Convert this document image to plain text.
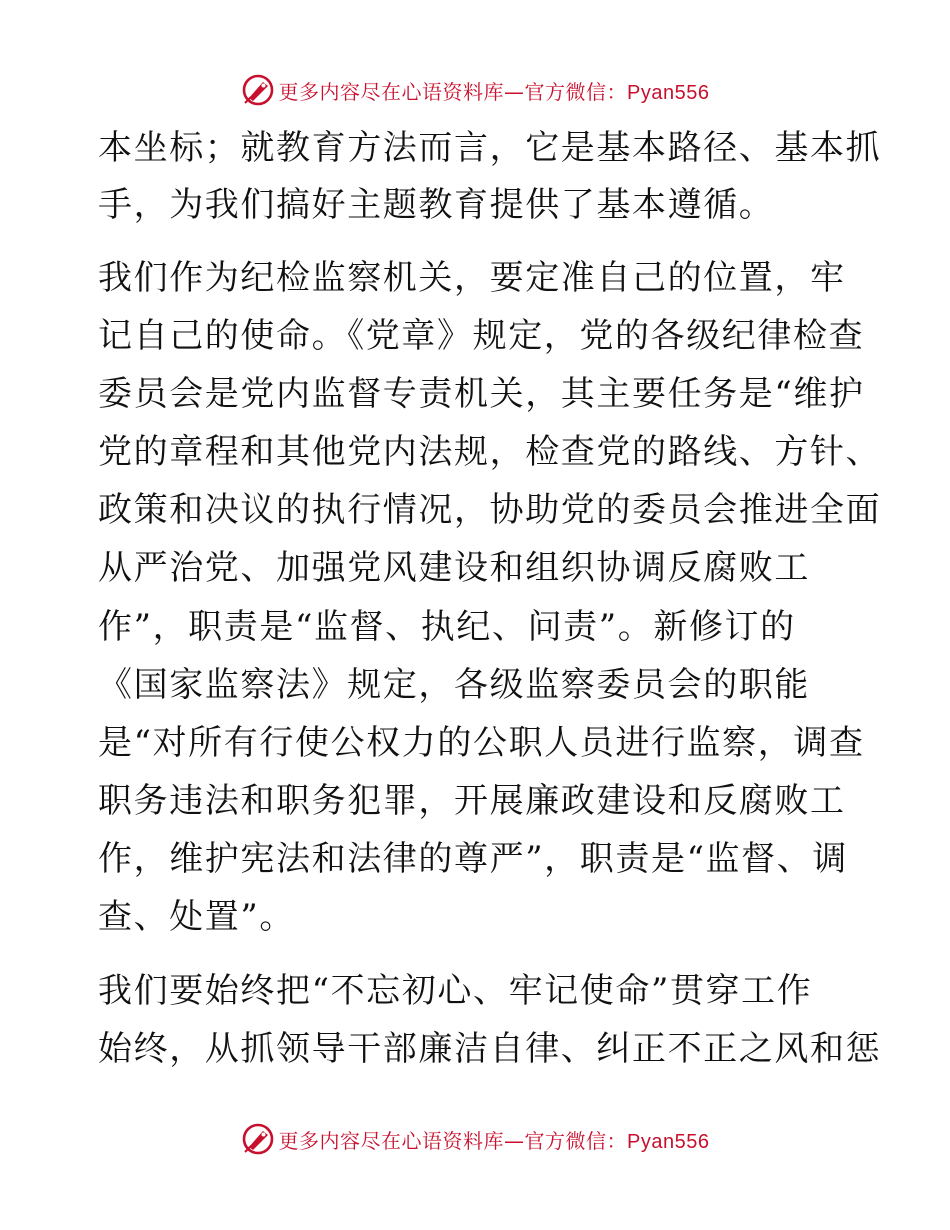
更多内容尽在心语资料库—官方微信：Pyan556
本坐标；就教育方法而言，它是基本路径、基本抓
手，为我们搞好主题教育提供了基本遵循。
我们作为纪检监察机关，要定准自己的位置，牢
记自己的使命。《党章》规定，党的各级纪律检查
委员会是党内监督专责机关，其主要任务是“维护
党的章程和其他党内法规，检查党的路线、方针、
政策和决议的执行情况，协助党的委员会推进全面
从严治党、加强党风建设和组织协调反腐败工
作”，职责是“监督、执纪、问责”。新修订的
《国家监察法》规定，各级监察委员会的职能
是“对所有行使公权力的公职人员进行监察，调查
职务违法和职务犯罪，开展廉政建设和反腐败工
作，维护宪法和法律的尊严”，职责是“监督、调
查、处置”。
我们要始终把“不忘初心、牢记使命”贯穿工作
始终，从抓领导干部廉洁自律、纠正不正之风和惩
更多内容尽在心语资料库—官方微信：Pyan556
